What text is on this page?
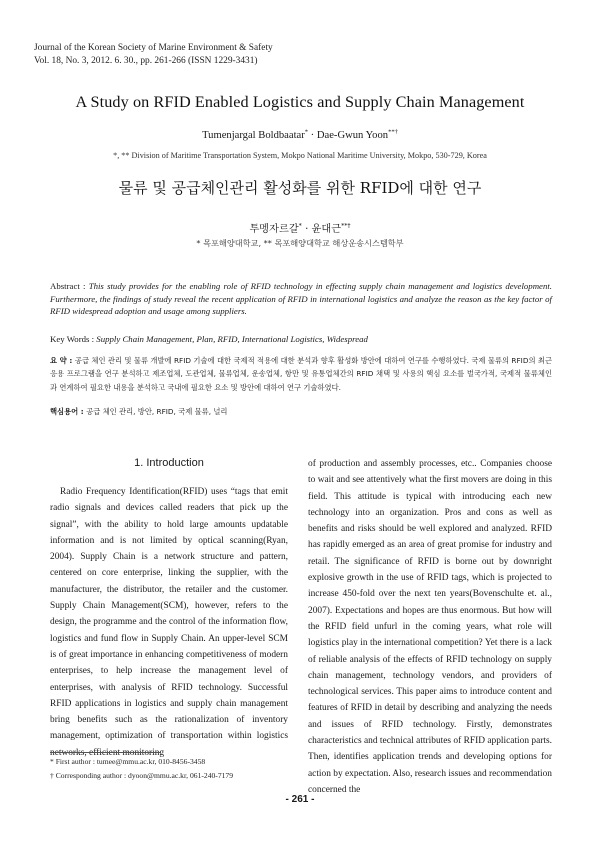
Journal of the Korean Society of Marine Environment & Safety
Vol. 18, No. 3, 2012. 6. 30., pp. 261-266 (ISSN 1229-3431)
A Study on RFID Enabled Logistics and Supply Chain Management
Tumenjargal Boldbaatar* · Dae-Gwun Yoon**†
*, ** Division of Maritime Transportation System, Mokpo National Maritime University, Mokpo, 530-729, Korea
물류 및 공급체인관리 활성화를 위한 RFID에 대한 연구
투멩자르갈* · 윤대근**†
* 목포해양대학교, ** 목포해양대학교 해상운송시스템학부
Abstract : This study provides for the enabling role of RFID technology in effecting supply chain management and logistics development. Furthermore, the findings of study reveal the recent application of RFID in international logistics and analyze the reason as the key factor of RFID widespread adoption and usage among suppliers.
Key Words : Supply Chain Management, Plan, RFID, International Logistics, Widespread
요 약 : 공급 체인 관리 및 물류 개발에 RFID 기술에 대한 국제적 적용에 대한 분석과 향후 활성화 방안에 대하여 연구를 수행하였다. 국제 물류의 RFID의 최근 응용 프로그램을 연구 분석하고 제조업체, 도관업체, 물류업체, 운송업체, 항만 및 유통업체간의 RFID 채택 및 사용의 핵심 요소를 벌국가적, 국제적 물류체인과 연계하여 필요한 내용을 분석하고 국내에 필요한 요소 및 방안에 대하여 연구 기술하였다.
핵심용어 : 공급 체인 관리, 방안, RFID, 국제 물류, 널리
1. Introduction

Radio Frequency Identification(RFID) uses “tags that emit radio signals and devices called readers that pick up the signal”, with the ability to hold large amounts updatable information and is not limited by optical scanning(Ryan, 2004). Supply Chain is a network structure and pattern, centered on core enterprise, linking the supplier, with the manufacturer, the distributor, the retailer and the customer. Supply Chain Management(SCM), however, refers to the design, the programme and the control of the information flow, logistics and fund flow in Supply Chain. An upper-level SCM is of great importance in enhancing competitiveness of modern enterprises, to help increase the management level of enterprises, with analysis of RFID technology. Successful RFID applications in logistics and supply chain management bring benefits such as the rationalization of inventory management, optimization of transportation within logistics networks, efficient monitoring

of production and assembly processes, etc.. Companies choose to wait and see attentively what the first movers are doing in this field. This attitude is typical with introducing each new technology into an organization. Pros and cons as well as benefits and risks should be well explored and analyzed. RFID has rapidly emerged as an area of great promise for industry and retail. The significance of RFID is borne out by downright explosive growth in the use of RFID tags, which is projected to increase 450-fold over the next ten years(Bovenschulte et. al., 2007). Expectations and hopes are thus enormous. But how will the RFID field unfurl in the coming years, what role will logistics play in the international competition? Yet there is a lack of reliable analysis of the effects of RFID technology on supply chain management, technology vendors, and providers of technological services. This paper aims to introduce content and features of RFID in detail by describing and analyzing the needs and issues of RFID technology. Firstly, demonstrates characteristics and technical attributes of RFID application parts. Then, identifies application trends and developing options for action by expectation. Also, research issues and recommendation concerned the

* First author : tumee@mmu.ac.kr, 010-8456-3458
† Corresponding author : dyoon@mmu.ac.kr, 061-240-7179
- 261 -
